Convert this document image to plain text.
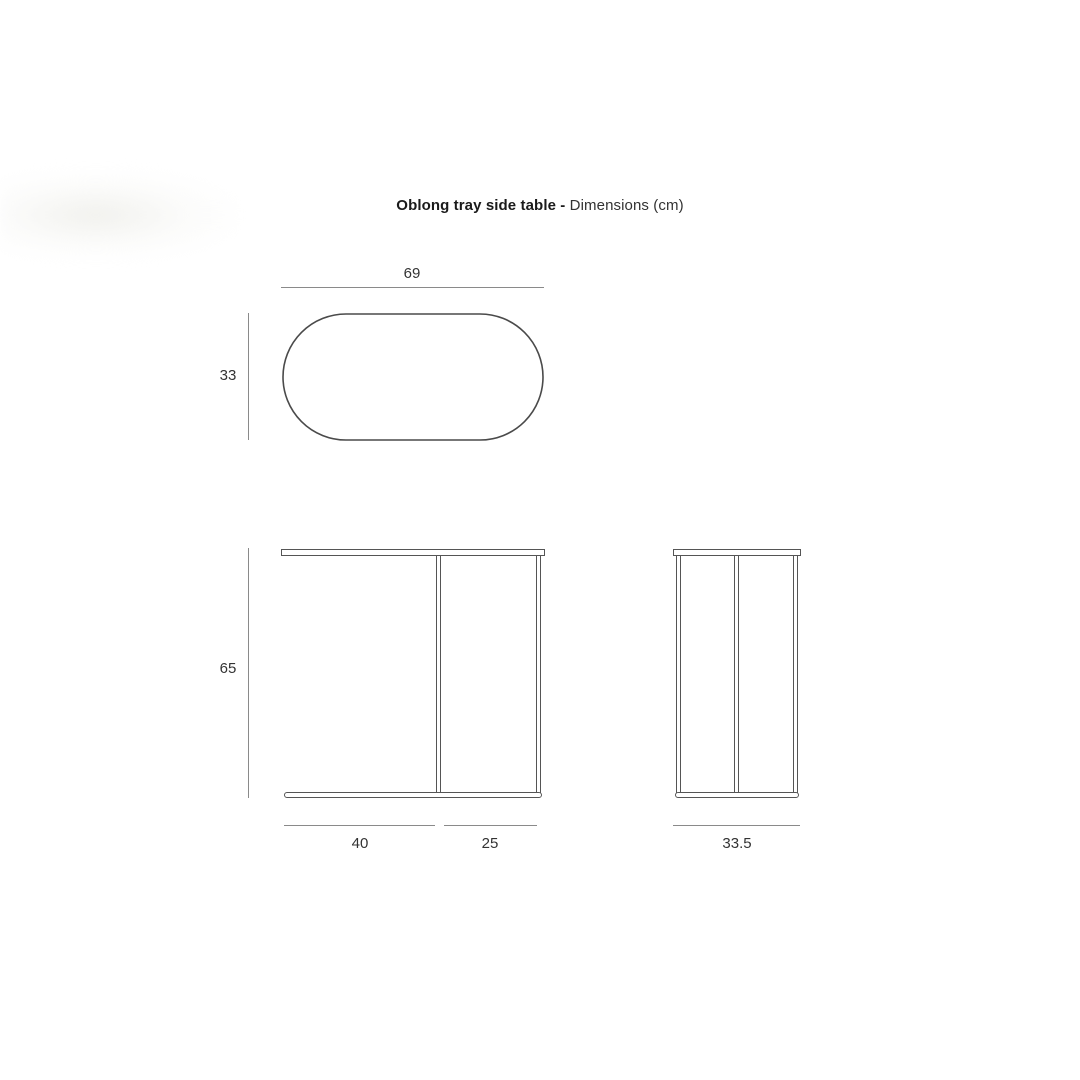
Oblong tray side table - Dimensions (cm)
69
33
65
40	25	33.5
